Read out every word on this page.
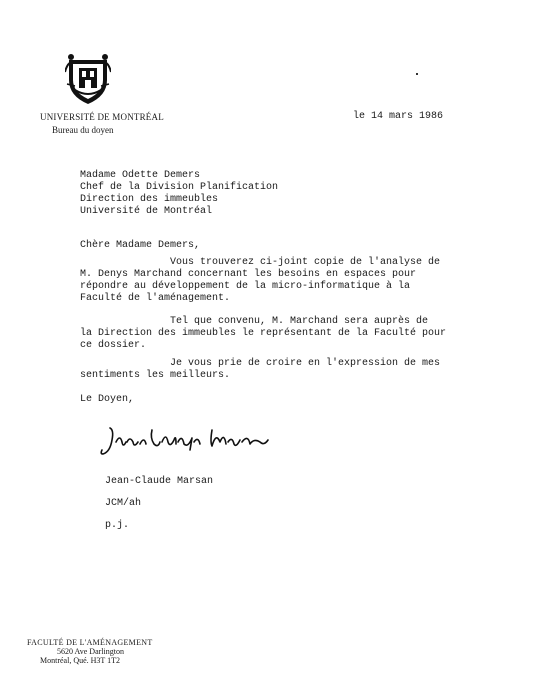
UNIVERSITÉ DE MONTRÉAL
Bureau du doyen
le 14 mars 1986
Madame Odette Demers
Chef de la Division Planification
Direction des immeubles
Université de Montréal
Chère Madame Demers,
Vous trouverez ci-joint copie de l'analyse de
M. Denys Marchand concernant les besoins en espaces pour
répondre au développement de la micro-informatique à la
Faculté de l'aménagement.
Tel que convenu, M. Marchand sera auprès de
la Direction des immeubles le représentant de la Faculté pour
ce dossier.
Je vous prie de croire en l'expression de mes
sentiments les meilleurs.
Le Doyen,
Jean-Claude Marsan
JCM/ah
p.j.
FACULTÉ DE L'AMÉNAGEMENT
5620 Ave Darlington
Montréal, Qué. H3T 1T2
